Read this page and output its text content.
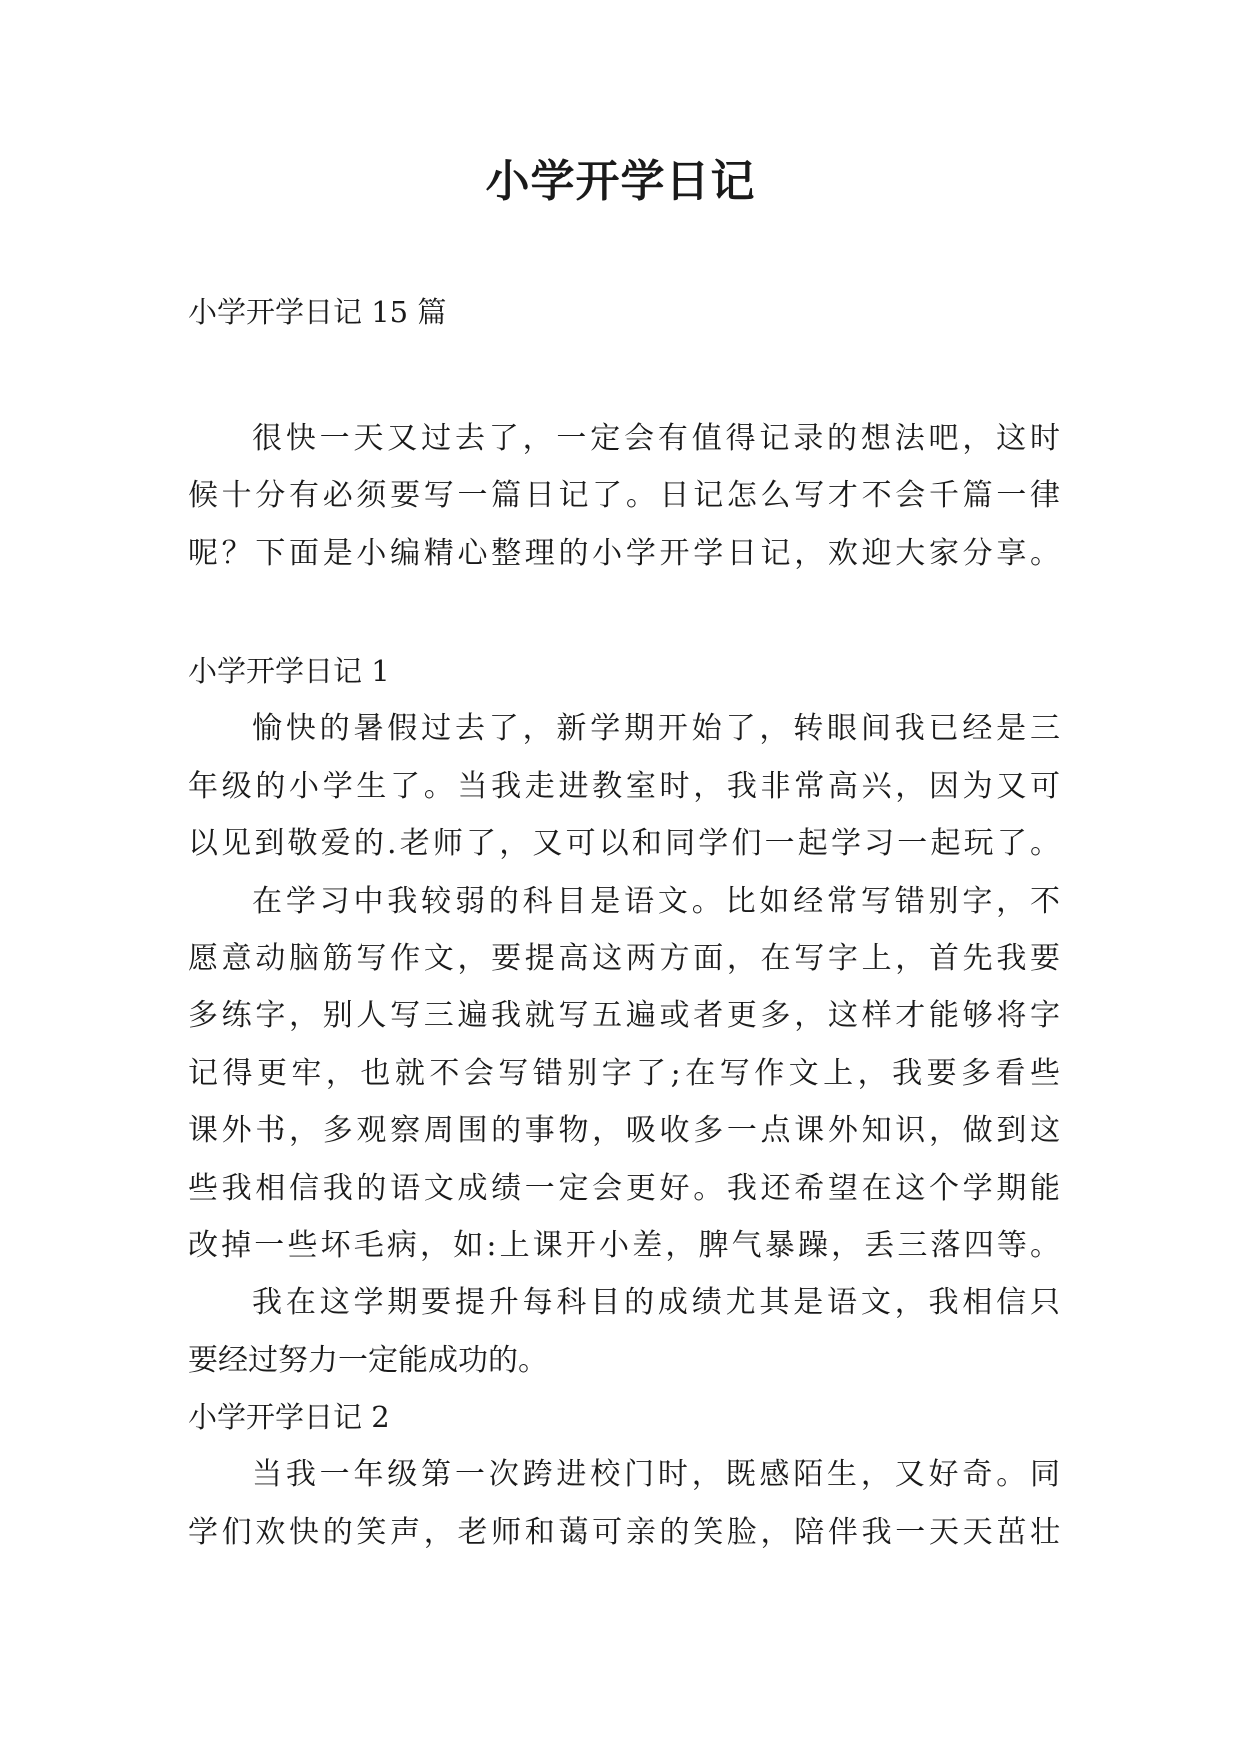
小学开学日记

小学开学日记 15 篇

很快一天又过去了，一定会有值得记录的想法吧，这时
候十分有必须要写一篇日记了。日记怎么写才不会千篇一律
呢？下面是小编精心整理的小学开学日记，欢迎大家分享。
小学开学日记 1
愉快的暑假过去了，新学期开始了，转眼间我已经是三
年级的小学生了。当我走进教室时，我非常高兴，因为又可
以见到敬爱的.老师了，又可以和同学们一起学习一起玩了。
在学习中我较弱的科目是语文。比如经常写错别字，不
愿意动脑筋写作文，要提高这两方面，在写字上，首先我要
多练字，别人写三遍我就写五遍或者更多，这样才能够将字
记得更牢，也就不会写错别字了;在写作文上，我要多看些
课外书，多观察周围的事物，吸收多一点课外知识，做到这
些我相信我的语文成绩一定会更好。我还希望在这个学期能
改掉一些坏毛病，如:上课开小差，脾气暴躁，丢三落四等。
我在这学期要提升每科目的成绩尤其是语文，我相信只
要经过努力一定能成功的。
小学开学日记 2
当我一年级第一次跨进校门时，既感陌生，又好奇。同
学们欢快的笑声，老师和蔼可亲的笑脸，陪伴我一天天茁壮
